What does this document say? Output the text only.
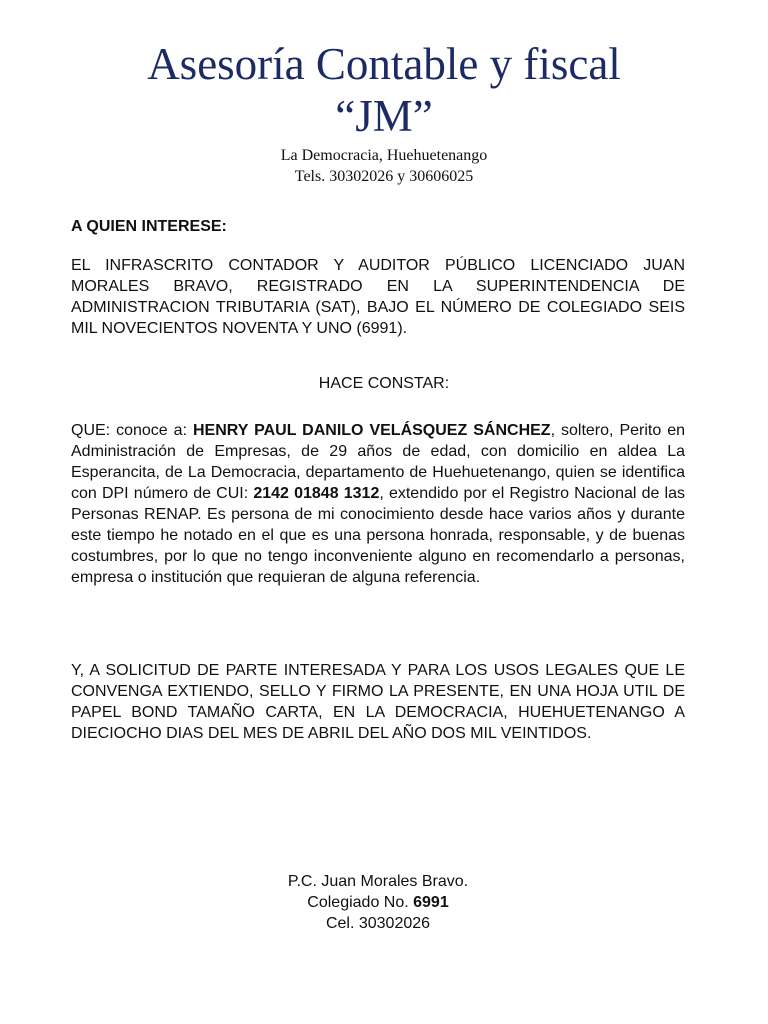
Asesoría Contable y fiscal
“JM”
La Democracia, Huehuetenango
Tels. 30302026 y 30606025
A QUIEN INTERESE:
EL INFRASCRITO CONTADOR Y AUDITOR PÚBLICO LICENCIADO JUAN MORALES BRAVO, REGISTRADO EN LA SUPERINTENDENCIA DE ADMINISTRACION TRIBUTARIA (SAT), BAJO EL NÚMERO DE COLEGIADO SEIS MIL NOVECIENTOS NOVENTA Y UNO (6991).
HACE CONSTAR:
QUE: conoce a: HENRY PAUL DANILO VELÁSQUEZ SÁNCHEZ, soltero, Perito en Administración de Empresas, de 29 años de edad, con domicilio en aldea La Esperancita, de La Democracia, departamento de Huehuetenango, quien se identifica con DPI número de CUI: 2142 01848 1312, extendido por el Registro Nacional de las Personas RENAP. Es persona de mi conocimiento desde hace varios años y durante este tiempo he notado en el que es una persona honrada, responsable, y de buenas costumbres, por lo que no tengo inconveniente alguno en recomendarlo a personas, empresa o institución que requieran de alguna referencia.
Y, A SOLICITUD DE PARTE INTERESADA Y PARA LOS USOS LEGALES QUE LE CONVENGA EXTIENDO, SELLO Y FIRMO LA PRESENTE, EN UNA HOJA UTIL DE PAPEL BOND TAMAÑO CARTA, EN LA DEMOCRACIA, HUEHUETENANGO A DIECIOCHO DIAS DEL MES DE ABRIL DEL AÑO DOS MIL VEINTIDOS.
P.C. Juan Morales Bravo.
Colegiado No. 6991
Cel. 30302026
